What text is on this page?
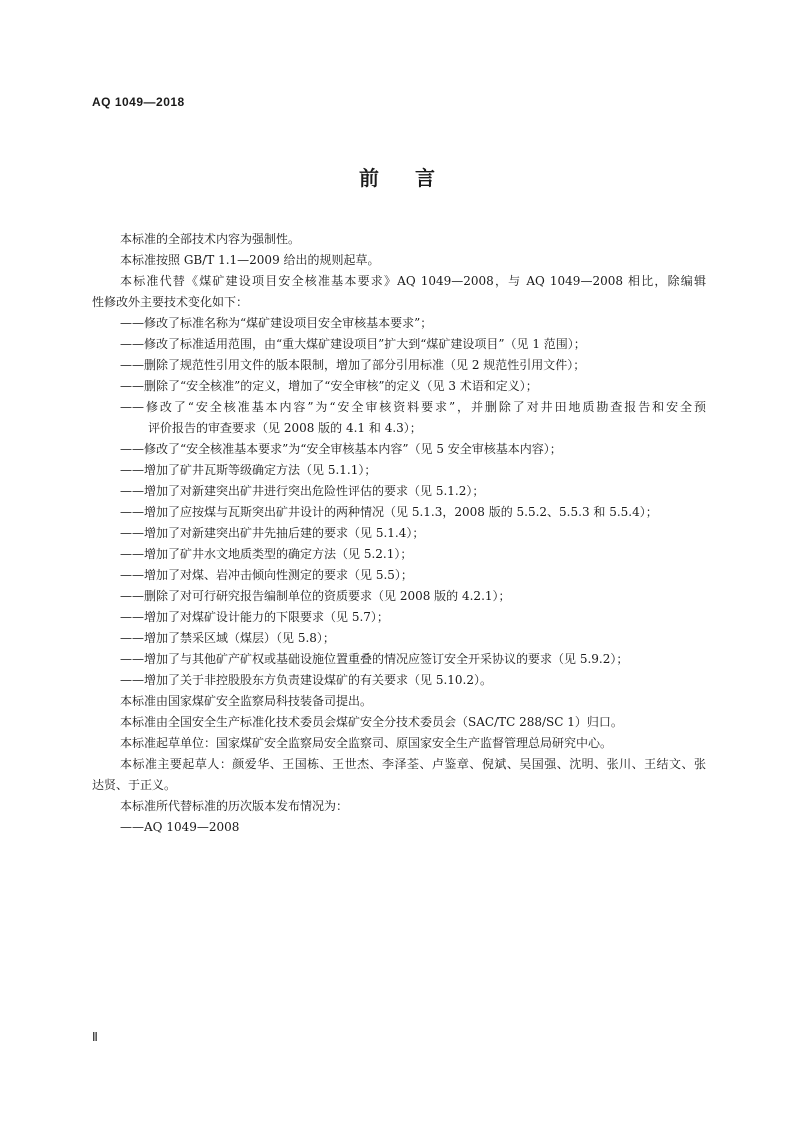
AQ 1049—2018
前 言
本标准的全部技术内容为强制性。
本标准按照 GB/T 1.1—2009 给出的规则起草。
本标准代替《煤矿建设项目安全核准基本要求》AQ 1049—2008，与 AQ 1049—2008 相比，除编辑
性修改外主要技术变化如下：
——修改了标准名称为“煤矿建设项目安全审核基本要求”；
——修改了标准适用范围，由“重大煤矿建设项目”扩大到“煤矿建设项目”（见 1 范围）；
——删除了规范性引用文件的版本限制，增加了部分引用标准（见 2 规范性引用文件）；
——删除了“安全核准”的定义，增加了“安全审核”的定义（见 3 术语和定义）；
——修改了“安全核准基本内容”为“安全审核资料要求”，并删除了对井田地质勘查报告和安全预
评价报告的审查要求（见 2008 版的 4.1 和 4.3）；
——修改了“安全核准基本要求”为“安全审核基本内容”（见 5 安全审核基本内容）；
——增加了矿井瓦斯等级确定方法（见 5.1.1）；
——增加了对新建突出矿井进行突出危险性评估的要求（见 5.1.2）；
——增加了应按煤与瓦斯突出矿井设计的两种情况（见 5.1.3，2008 版的 5.5.2、5.5.3 和 5.5.4）；
——增加了对新建突出矿井先抽后建的要求（见 5.1.4）；
——增加了矿井水文地质类型的确定方法（见 5.2.1）；
——增加了对煤、岩冲击倾向性测定的要求（见 5.5）；
——删除了对可行研究报告编制单位的资质要求（见 2008 版的 4.2.1）；
——增加了对煤矿设计能力的下限要求（见 5.7）；
——增加了禁采区域（煤层）（见 5.8）；
——增加了与其他矿产矿权或基础设施位置重叠的情况应签订安全开采协议的要求（见 5.9.2）；
——增加了关于非控股股东方负责建设煤矿的有关要求（见 5.10.2）。
本标准由国家煤矿安全监察局科技装备司提出。
本标准由全国安全生产标准化技术委员会煤矿安全分技术委员会（SAC/TC 288/SC 1）归口。
本标准起草单位：国家煤矿安全监察局安全监察司、原国家安全生产监督管理总局研究中心。
本标准主要起草人：颜爱华、王国栋、王世杰、李泽荃、卢鉴章、倪斌、吴国强、沈明、张川、王结文、张
达贤、于正义。
本标准所代替标准的历次版本发布情况为：
——AQ 1049—2008
Ⅱ
